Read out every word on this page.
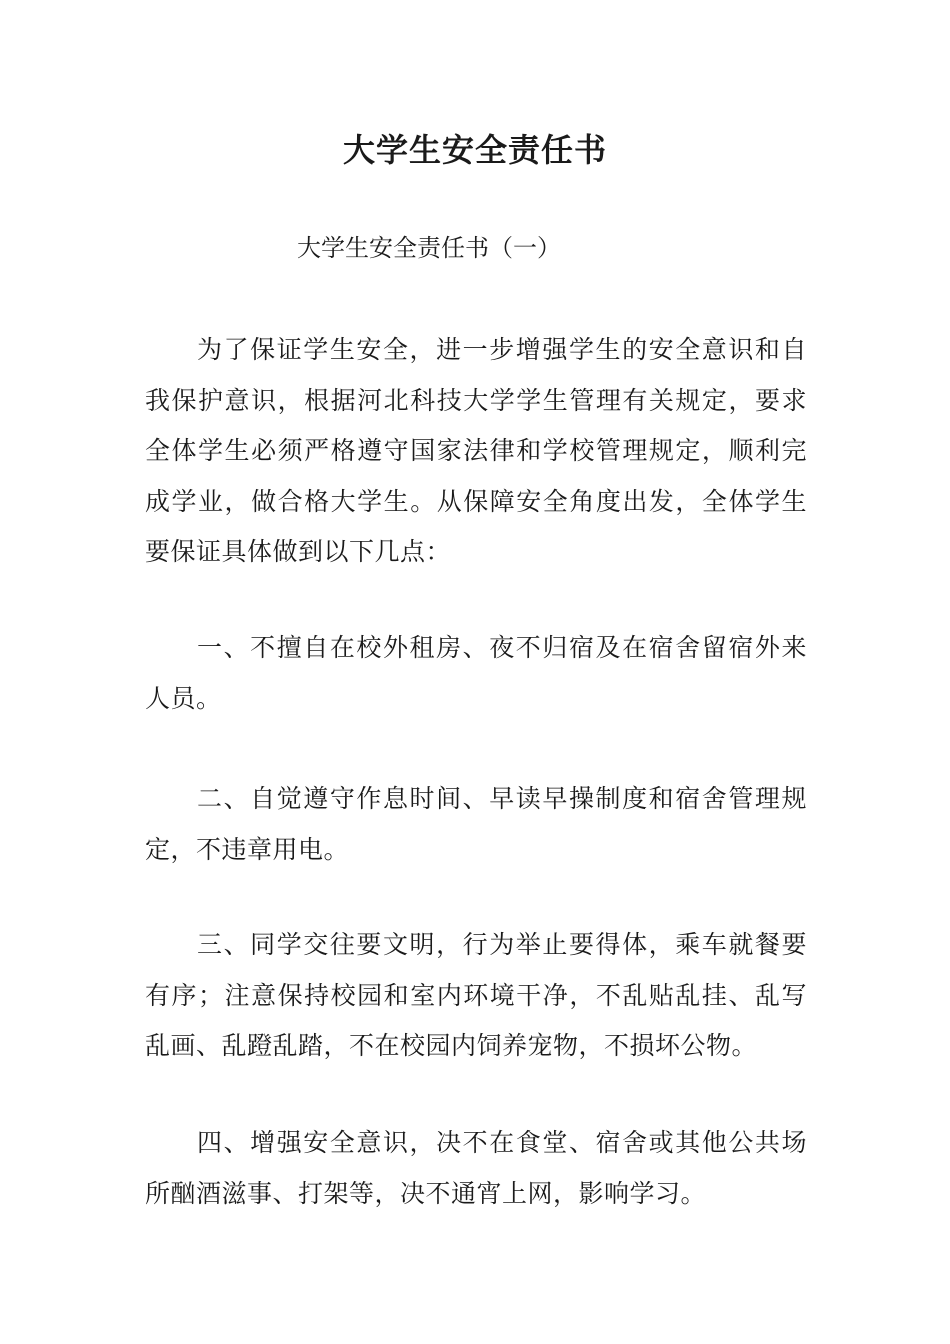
大学生安全责任书

大学生安全责任书（一）

为了保证学生安全，进一步增强学生的安全意识和自我保护意识，根据河北科技大学学生管理有关规定，要求全体学生必须严格遵守国家法律和学校管理规定，顺利完成学业，做合格大学生。从保障安全角度出发，全体学生要保证具体做到以下几点：

一、不擅自在校外租房、夜不归宿及在宿舍留宿外来人员。

二、自觉遵守作息时间、早读早操制度和宿舍管理规定，不违章用电。

三、同学交往要文明，行为举止要得体，乘车就餐要有序；注意保持校园和室内环境干净，不乱贴乱挂、乱写乱画、乱蹬乱踏，不在校园内饲养宠物，不损坏公物。

四、增强安全意识，决不在食堂、宿舍或其他公共场所酗酒滋事、打架等，决不通宵上网，影响学习。
